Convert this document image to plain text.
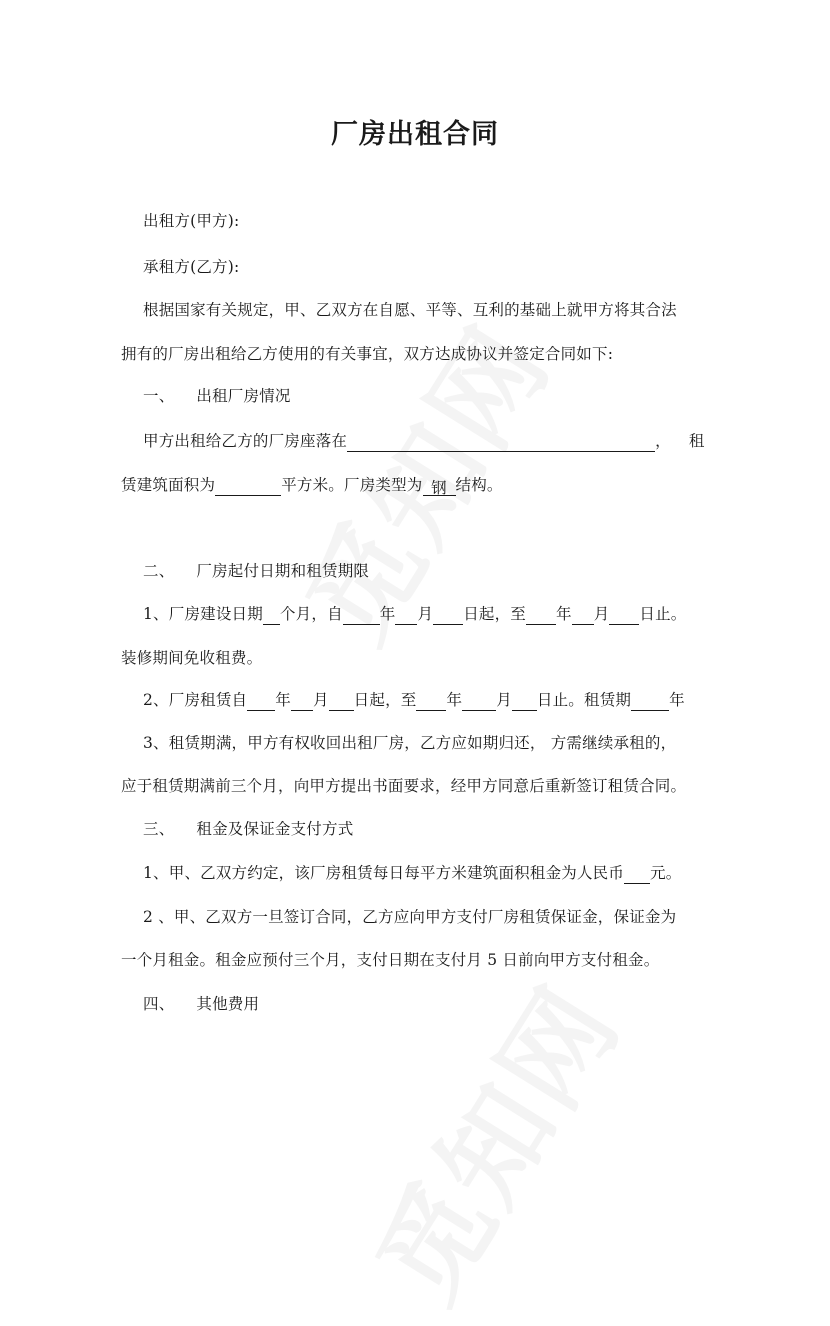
厂房出租合同
出租方(甲方):
承租方(乙方):
根据国家有关规定，甲、乙双方在自愿、平等、互利的基础上就甲方将其合法
拥有的厂房出租给乙方使用的有关事宜，双方达成协议并签定合同如下:
一、 出租厂房情况
甲方出租给乙方的厂房座落在	， 租
赁建筑面积为	平方米。厂房类型为 钢 结构。
二、 厂房起付日期和租赁期限
1、厂房建设日期 个月，自 年 月 日起，至 年 月 日止。
装修期间免收租费。
2、厂房租赁自 年 月 日起，至 年 月 日止。租赁期 年
3、租赁期满，甲方有权收回出租厂房，乙方应如期归还， 方需继续承租的，
应于租赁期满前三个月，向甲方提出书面要求，经甲方同意后重新签订租赁合同。
三、 租金及保证金支付方式
1、甲、乙双方约定，该厂房租赁每日每平方米建筑面积租金为人民币 元。
2 、甲、乙双方一旦签订合同，乙方应向甲方支付厂房租赁保证金，保证金为
一个月租金。租金应预付三个月，支付日期在支付月 5 日前向甲方支付租金。
四、 其他费用
